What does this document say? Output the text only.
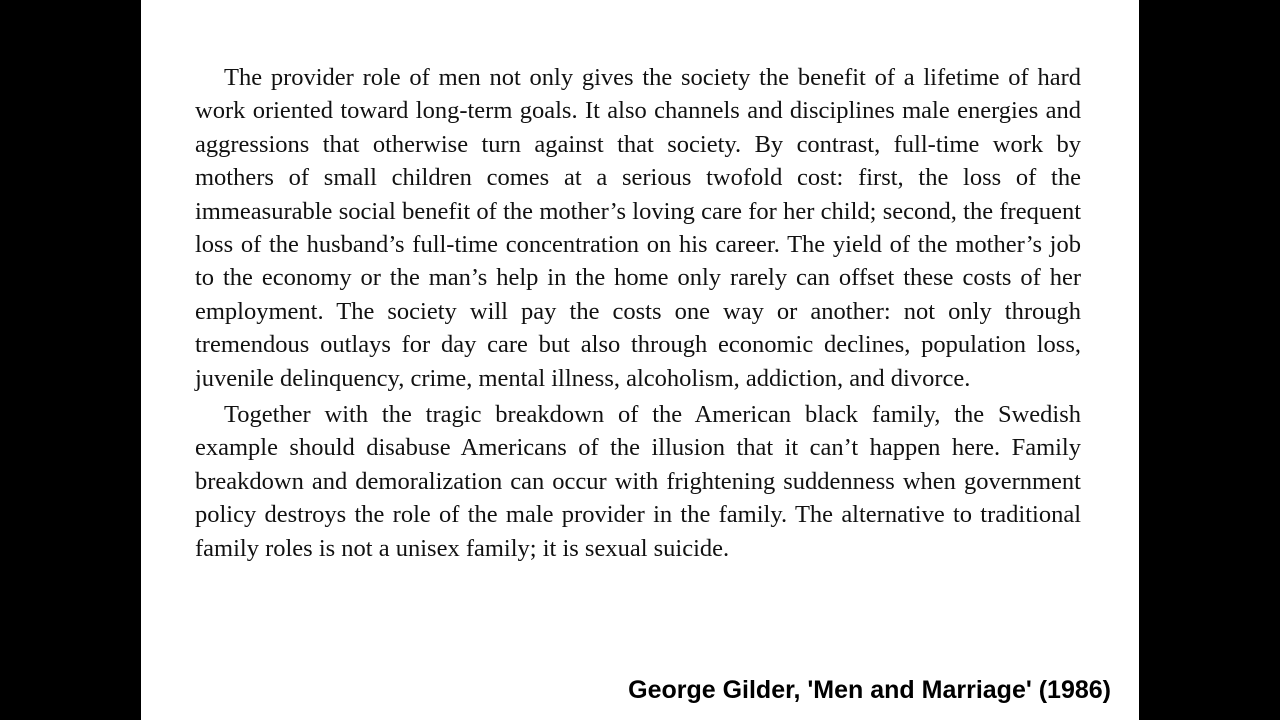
The provider role of men not only gives the society the benefit of a lifetime of hard work oriented toward long-term goals. It also channels and disciplines male energies and aggressions that otherwise turn against that society. By contrast, full-time work by mothers of small children comes at a serious twofold cost: first, the loss of the immeasurable social benefit of the mother’s loving care for her child; second, the frequent loss of the husband’s full-time concentration on his career. The yield of the mother’s job to the economy or the man’s help in the home only rarely can offset these costs of her employment. The society will pay the costs one way or another: not only through tremendous outlays for day care but also through economic declines, population loss, juvenile delinquency, crime, mental illness, alcoholism, addiction, and divorce.

Together with the tragic breakdown of the American black family, the Swedish example should disabuse Americans of the illusion that it can’t happen here. Family breakdown and demoralization can occur with frightening suddenness when government policy destroys the role of the male provider in the family. The alternative to traditional family roles is not a unisex family; it is sexual suicide.

George Gilder, 'Men and Marriage' (1986)
